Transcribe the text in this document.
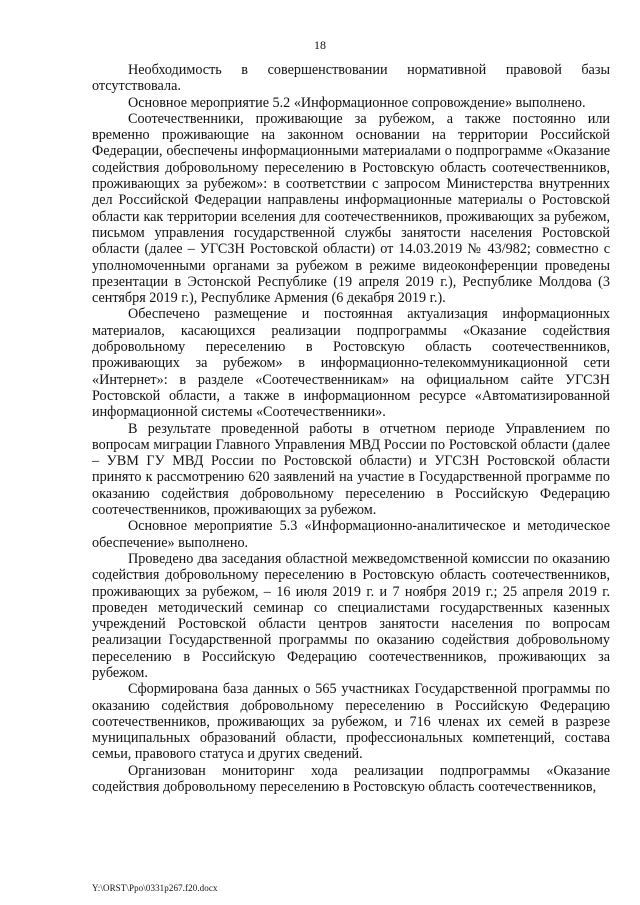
18

Необходимость в совершенствовании нормативной правовой базы отсутствовала.

Основное мероприятие 5.2 «Информационное сопровождение» выполнено.

Соотечественники, проживающие за рубежом, а также постоянно или временно проживающие на законном основании на территории Российской Федерации, обеспечены информационными материалами о подпрограмме «Оказание содействия добровольному переселению в Ростовскую область соотечественников, проживающих за рубежом»: в соответствии с запросом Министерства внутренних дел Российской Федерации направлены информационные материалы о Ростовской области как территории вселения для соотечественников, проживающих за рубежом, письмом управления государственной службы занятости населения Ростовской области (далее – УГСЗН Ростовской области) от 14.03.2019 № 43/982; совместно с уполномоченными органами за рубежом в режиме видеоконференции проведены презентации в Эстонской Республике (19 апреля 2019 г.), Республике Молдова (3 сентября 2019 г.), Республике Армения (6 декабря 2019 г.).

Обеспечено размещение и постоянная актуализация информационных материалов, касающихся реализации подпрограммы «Оказание содействия добровольному переселению в Ростовскую область соотечественников, проживающих за рубежом» в информационно-телекоммуникационной сети «Интернет»: в разделе «Соотечественникам» на официальном сайте УГСЗН Ростовской области, а также в информационном ресурсе «Автоматизированной информационной системы «Соотечественники».

В результате проведенной работы в отчетном периоде Управлением по вопросам миграции Главного Управления МВД России по Ростовской области (далее – УВМ ГУ МВД России по Ростовской области) и УГСЗН Ростовской области принято к рассмотрению 620 заявлений на участие в Государственной программе по оказанию содействия добровольному переселению в Российскую Федерацию соотечественников, проживающих за рубежом.

Основное мероприятие 5.3 «Информационно-аналитическое и методическое обеспечение» выполнено.

Проведено два заседания областной межведомственной комиссии по оказанию содействия добровольному переселению в Ростовскую область соотечественников, проживающих за рубежом, – 16 июля 2019 г. и 7 ноября 2019 г.; 25 апреля 2019 г. проведен методический семинар со специалистами государственных казенных учреждений Ростовской области центров занятости населения по вопросам реализации Государственной программы по оказанию содействия добровольному переселению в Российскую Федерацию соотечественников, проживающих за рубежом.

Сформирована база данных о 565 участниках Государственной программы по оказанию содействия добровольному переселению в Российскую Федерацию соотечественников, проживающих за рубежом, и 716 членах их семей в разрезе муниципальных образований области, профессиональных компетенций, состава семьи, правового статуса и других сведений.

Организован мониторинг хода реализации подпрограммы «Оказание содействия добровольному переселению в Ростовскую область соотечественников,

Y:\ORST\Ppo\0331p267.f20.docx
